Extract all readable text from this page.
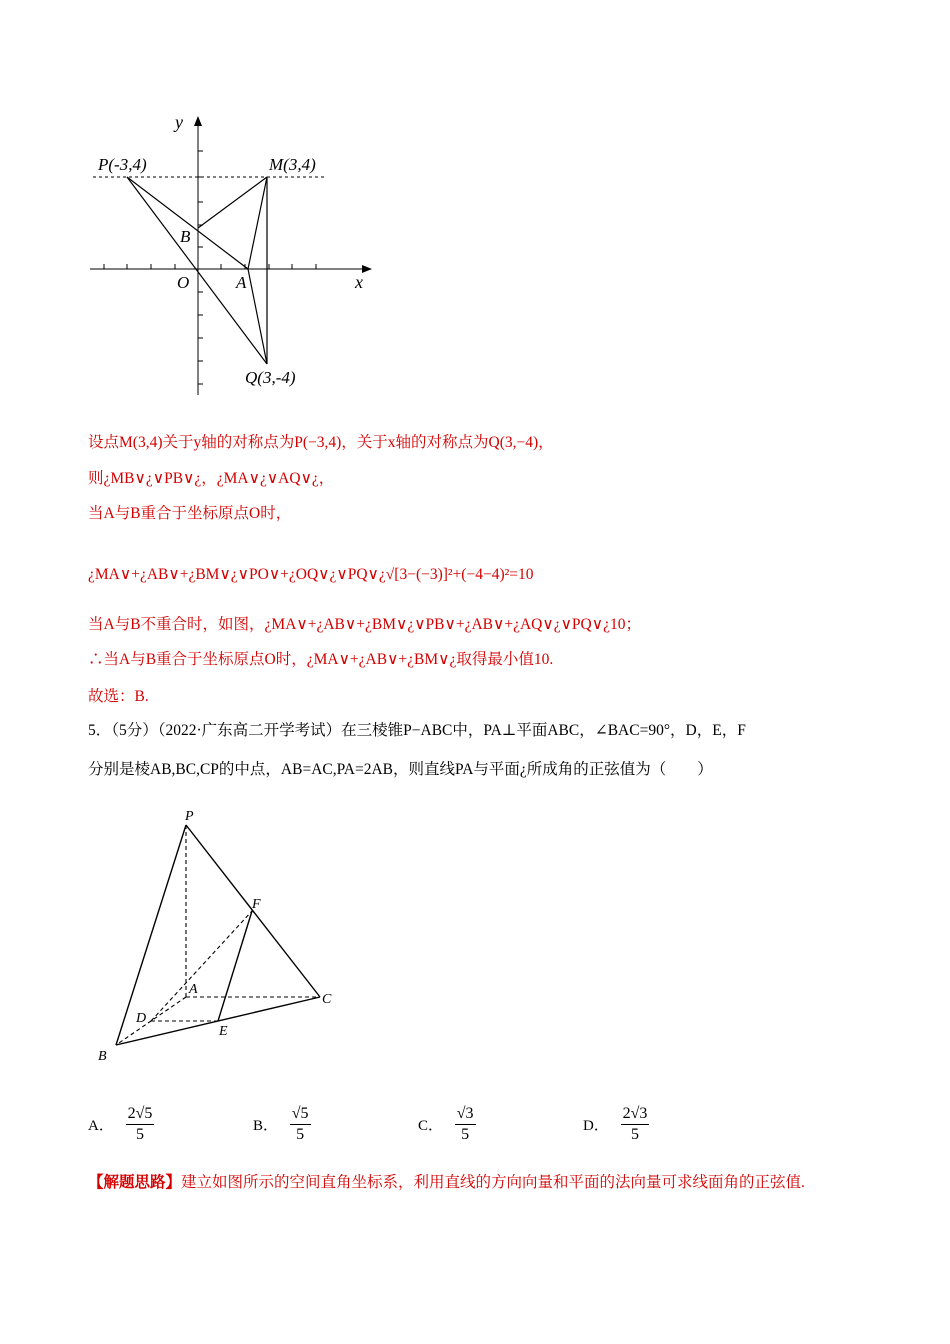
y
x
P(-3,4)	M(3,4)
B
O	A
Q(3,-4)
设点M(3,4)关于y轴的对称点为P(−3,4)，关于x轴的对称点为Q(3,−4)，
则¿MB∨¿∨PB∨¿，¿MA∨¿∨AQ∨¿，
当A与B重合于坐标原点O时，
¿MA∨+¿AB∨+¿BM∨¿∨PO∨+¿OQ∨¿∨PQ∨¿√[3−(−3)]²+(−4−4)²=10
当A与B不重合时，如图，¿MA∨+¿AB∨+¿BM∨¿∨PB∨+¿AB∨+¿AQ∨¿∨PQ∨¿10；
∴当A与B重合于坐标原点O时，¿MA∨+¿AB∨+¿BM∨¿取得最小值10.
故选：B.
5．（5分）（2022·广东高二开学考试）在三棱锥P−ABC中，PA⊥平面ABC，∠BAC=90°，D，E，F
分别是棱AB,BC,CP的中点，AB=AC,PA=2AB，则直线PA与平面¿所成角的正弦值为（　　）
P
F
A
C
D
E
B
A． $\frac{2√5}{5}$	B． $\frac{√5}{5}$	C． $\frac{√3}{5}$	D． $\frac{2√3}{5}$
【解题思路】建立如图所示的空间直角坐标系，利用直线的方向向量和平面的法向量可求线面角的正弦值.
